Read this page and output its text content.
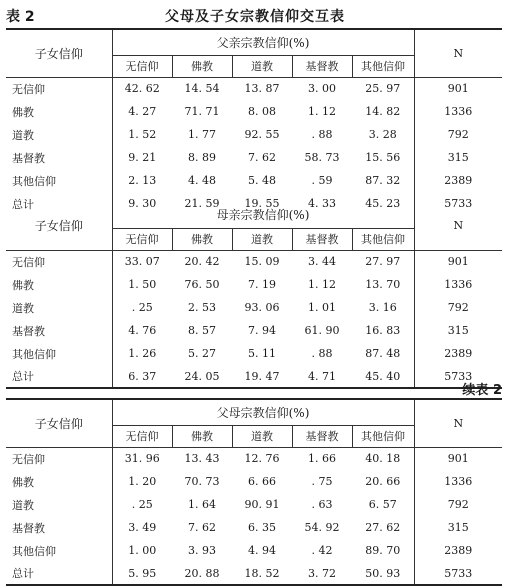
表 2	父母及子女宗教信仰交互表
子女信仰	父亲宗教信仰(%)					N
	无信仰	佛教	道教	基督教	其他信仰	
无信仰	42. 62	14. 54	13. 87	3. 00	25. 97	901
佛教	4. 27	71. 71	8. 08	1. 12	14. 82	1336
道教	1. 52	1. 77	92. 55	. 88	3. 28	792
基督教	9. 21	8. 89	7. 62	58. 73	15. 56	315
其他信仰	2. 13	4. 48	5. 48	. 59	87. 32	2389
总计	9. 30	21. 59	19. 55	4. 33	45. 23	5733
子女信仰	母亲宗教信仰(%)					N
	无信仰	佛教	道教	基督教	其他信仰	
无信仰	33. 07	20. 42	15. 09	3. 44	27. 97	901
佛教	1. 50	76. 50	7. 19	1. 12	13. 70	1336
道教	. 25	2. 53	93. 06	1. 01	3. 16	792
基督教	4. 76	8. 57	7. 94	61. 90	16. 83	315
其他信仰	1. 26	5. 27	5. 11	. 88	87. 48	2389
总计	6. 37	24. 05	19. 47	4. 71	45. 40	5733
续表 2
子女信仰	父母宗教信仰(%)					N
	无信仰	佛教	道教	基督教	其他信仰	
无信仰	31. 96	13. 43	12. 76	1. 66	40. 18	901
佛教	1. 20	70. 73	6. 66	. 75	20. 66	1336
道教	. 25	1. 64	90. 91	. 63	6. 57	792
基督教	3. 49	7. 62	6. 35	54. 92	27. 62	315
其他信仰	1. 00	3. 93	4. 94	. 42	89. 70	2389
总计	5. 95	20. 88	18. 52	3. 72	50. 93	5733
